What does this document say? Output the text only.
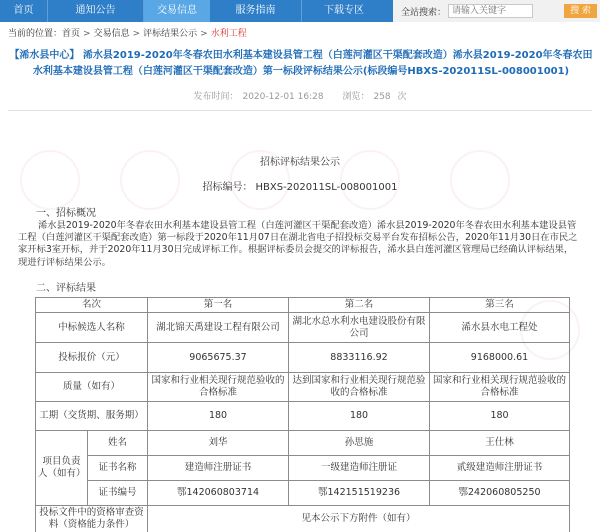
首页	通知公告	交易信息	服务指南	下载专区	全站搜索：
请输入关键字	搜 索
当前的位置：首页 > 交易信息 > 评标结果公示 > 水利工程
【浠水县中心】 浠水县2019-2020年冬春农田水利基本建设县管工程（白莲河灌区干渠配套改造）浠水县2019-2020年冬春农田水利基本建设县管工程（白莲河灌区干渠配套改造）第一标段评标结果公示(标段编号HBXS-202011SL-008001001)
发布时间： 2020-12-01 16:28 浏览： 258 次
招标评标结果公示
招标编号： HBXS-202011SL-008001001
一、招标概况
浠水县2019-2020年冬春农田水利基本建设县管工程（白莲河灌区干渠配套改造）浠水县2019-2020年冬春农田水利基本建设县管工程（白莲河灌区干渠配套改造）第一标段于2020年11月07日在湖北省电子招投标交易平台发布招标公告，2020年11月30日在市民之家开标3室开标，并于2020年11月30日完成评标工作。根据评标委员会提交的评标报告，浠水县白莲河灌区管理局已经确认评标结果，现进行评标结果公示。
二、评标结果
名次		第一名	第二名	第三名
中标候选人名称		湖北锦天禹建设工程有限公司	湖北水总水利水电建设股份有限公司	浠水县水电工程处
投标报价（元）		9065675.37	8833116.92	9168000.61
质量（如有）		国家和行业相关现行规范验收的合格标准	达到国家和行业相关现行规范验收的合格标准	国家和行业相关现行规范验收的合格标准
工期（交货期、服务期）		180	180	180
项目负责人（如有）	姓名	刘华	孙思施	王仕林
	证书名称	建造师注册证书	一级建造师注册证	贰级建造师注册证书
	证书编号	鄂142060803714	鄂142151519236	鄂242060805250
投标文件中的资格审查资料（资格能力条件）		见本公示下方附件（如有）		
